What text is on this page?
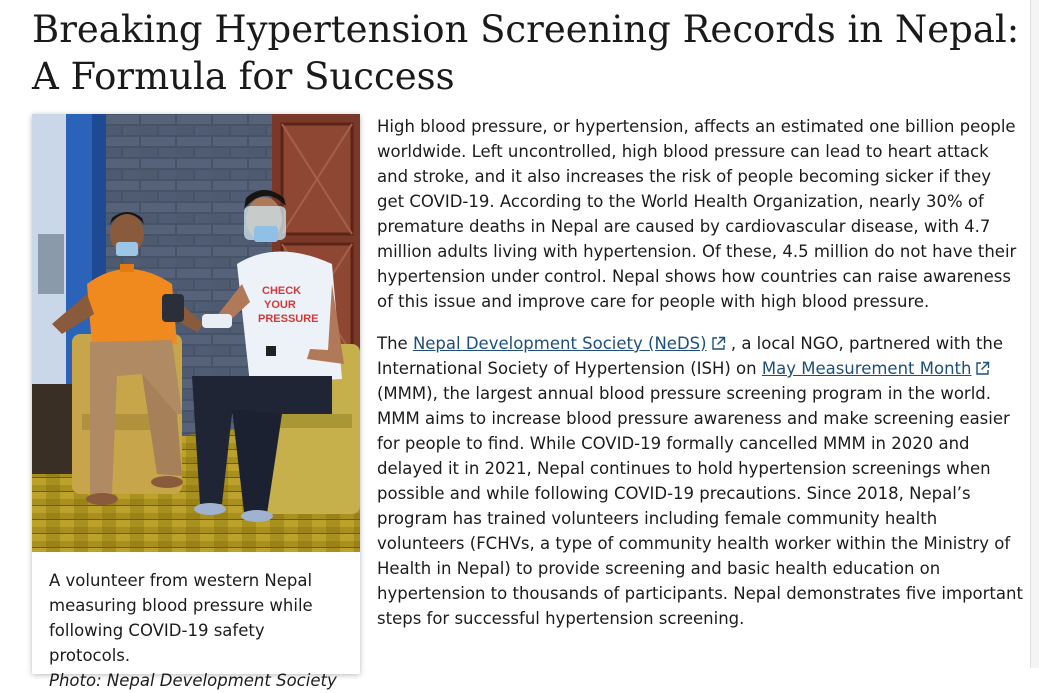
Breaking Hypertension Screening Records in Nepal: A Formula for Success
CHECK
YOUR
PRESSURE
A volunteer from western Nepal measuring blood pressure while following COVID-19 safety protocols.
Photo: Nepal Development Society

High blood pressure, or hypertension, affects an estimated one billion people worldwide. Left uncontrolled, high blood pressure can lead to heart attack and stroke, and it also increases the risk of people becoming sicker if they get COVID-19. According to the World Health Organization, nearly 30% of premature deaths in Nepal are caused by cardiovascular disease, with 4.7 million adults living with hypertension. Of these, 4.5 million do not have their hypertension under control. Nepal shows how countries can raise awareness of this issue and improve care for people with high blood pressure.

The Nepal Development Society (NeDS) , a local NGO, partnered with the International Society of Hypertension (ISH) on May Measurement Month (MMM), the largest annual blood pressure screening program in the world. MMM aims to increase blood pressure awareness and make screening easier for people to find. While COVID-19 formally cancelled MMM in 2020 and delayed it in 2021, Nepal continues to hold hypertension screenings when possible and while following COVID-19 precautions. Since 2018, Nepal’s program has trained volunteers including female community health volunteers (FCHVs, a type of community health worker within the Ministry of Health in Nepal) to provide screening and basic health education on hypertension to thousands of participants. Nepal demonstrates five important steps for successful hypertension screening.
